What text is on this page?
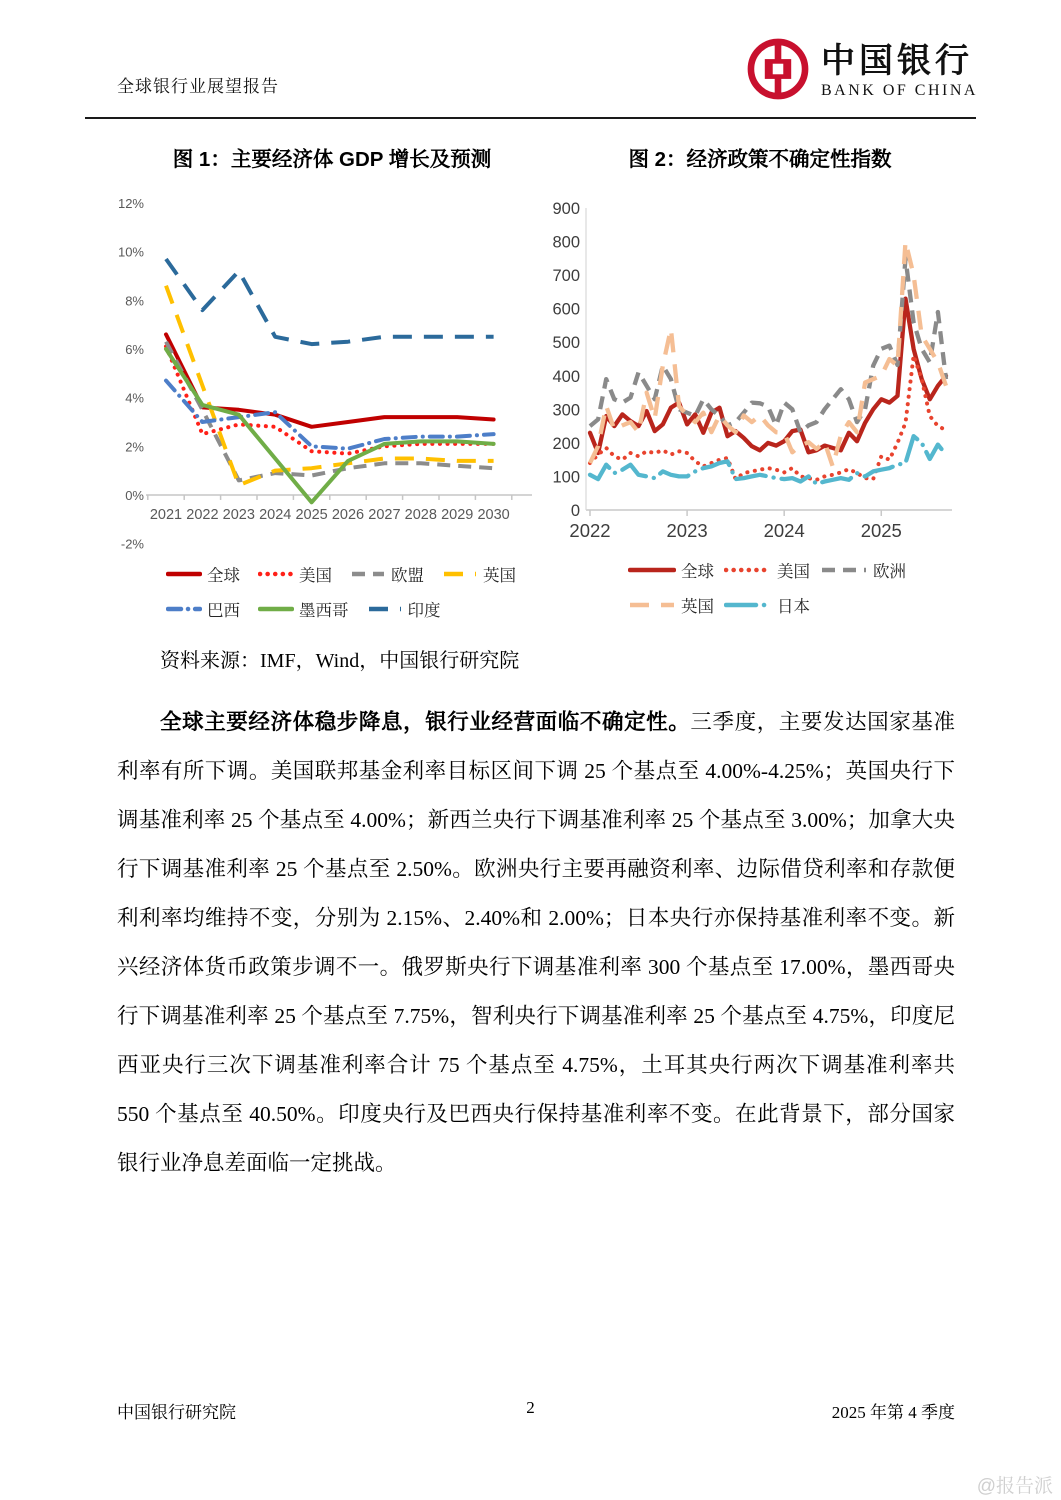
全球银行业展望报告
中国银行
BANK OF CHINA
图 1：主要经济体 GDP 增长及预测	图 2：经济政策不确定性指数
12%
10%
8%
6%
4%
2%
0%
-2%
2021 2022 2023 2024 2025 2026 2027 2028 2029 2030
900
800
700
600
500
400
300
200
100
0
2022	2023	2024	2025
全球	美国	欧盟	英国
巴西	墨西哥	印度
全球	美国	欧洲
英国	日本
资料来源：IMF，Wind，中国银行研究院
全球主要经济体稳步降息，银行业经营面临不确定性。三季度，主要发达国家基准利率有所下调。美国联邦基金利率目标区间下调 25 个基点至 4.00%-4.25%；英国央行下调基准利率 25 个基点至 4.00%；新西兰央行下调基准利率 25 个基点至 3.00%；加拿大央行下调基准利率 25 个基点至 2.50%。欧洲央行主要再融资利率、边际借贷利率和存款便利利率均维持不变，分别为 2.15%、2.40%和 2.00%；日本央行亦保持基准利率不变。新兴经济体货币政策步调不一。俄罗斯央行下调基准利率 300 个基点至 17.00%，墨西哥央行下调基准利率 25 个基点至 7.75%，智利央行下调基准利率 25 个基点至 4.75%，印度尼西亚央行三次下调基准利率合计 75 个基点至 4.75%，土耳其央行两次下调基准利率共 550 个基点至 40.50%。印度央行及巴西央行保持基准利率不变。在此背景下，部分国家银行业净息差面临一定挑战。
中国银行研究院	2	2025 年第 4 季度
@报告派
